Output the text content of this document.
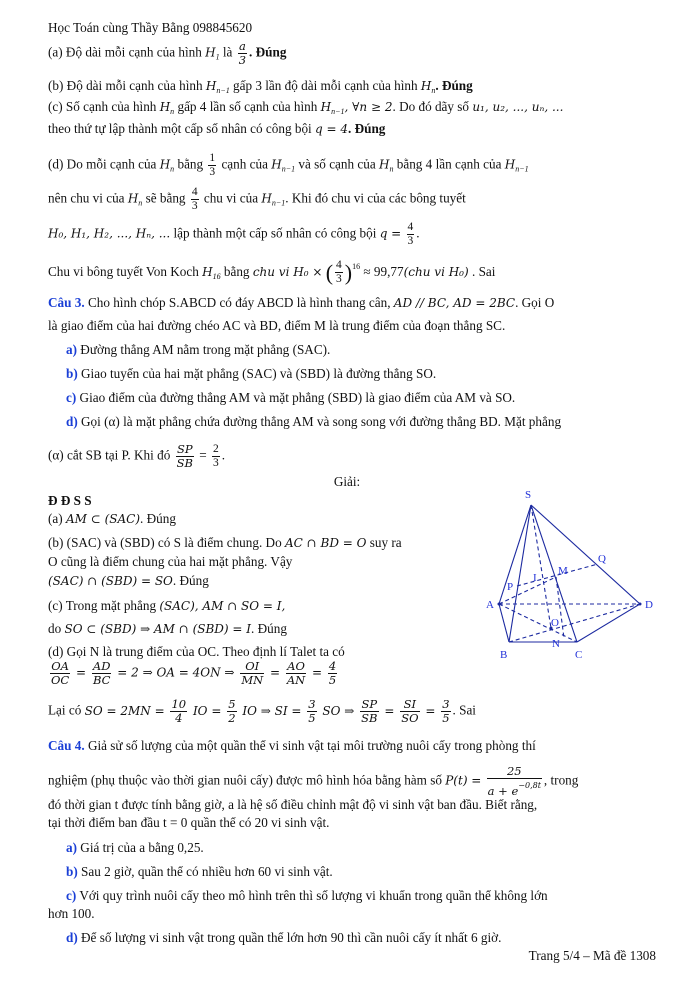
Học Toán cùng Thầy Bằng 098845620
(a) Độ dài mỗi cạnh của hình $H_1$ là $\frac{a}{3}$ . Đúng
(b) Độ dài mỗi cạnh của hình $H_{n-1}$ gấp 3 lần độ dài mỗi cạnh của hình $H_n$. Đúng
(c) Số cạnh của hình $H_n$ gấp 4 lần số cạnh của hình $H_{n-1}$, ∀n ≥ 2. Do đó dãy số u₁, u₂, ..., uₙ, ...
theo thứ tự lập thành một cấp số nhân có công bội q = 4. Đúng
(d) Do mỗi cạnh của $H_n$ bằng $\frac{1}{3}$ cạnh của $H_{n-1}$ và số cạnh của $H_n$ bằng 4 lần cạnh của $H_{n-1}$
nên chu vi của $H_n$ sẽ bằng $\frac{4}{3}$ chu vi của $H_{n-1}$. Khi đó chu vi của các bông tuyết
H₀, H₁, H₂, ..., Hₙ, ... lập thành một cấp số nhân có công bội $q = \frac{4}{3}$ .
Chu vi bông tuyết Von Koch $H_{16}$ bằng chu vi H₀ × ( $\frac{4}{3} )^{16} \approx 99,77(chu$ vi H₀) . Sai
Câu 3. Cho hình chóp S.ABCD có đáy ABCD là hình thang cân, AD // BC, AD = 2BC. Gọi O
là giao điểm của hai đường chéo AC và BD, điểm M là trung điểm của đoạn thẳng SC.
a) Đường thẳng AM nằm trong mặt phẳng (SAC).
b) Giao tuyến của hai mặt phẳng (SAC) và (SBD) là đường thẳng SO.
c) Giao điểm của đường thẳng AM và mặt phẳng (SBD) là giao điểm của AM và SO.
d) Gọi (α) là mặt phẳng chứa đường thẳng AM và song song với đường thẳng BD. Mặt phẳng
(α) cắt SB tại P. Khi đó $\frac{SP}{SB} = \frac{2}{3}$ .
Giải:
Đ Đ S S
(a) AM ⊂ (SAC). Đúng
(b) (SAC) và (SBD) có S là điểm chung. Do AC ∩ BD = O suy ra
O cũng là điểm chung của hai mặt phẳng. Vậy
(SAC) ∩ (SBD) = SO. Đúng
(c) Trong mặt phẳng (SAC), AM ∩ SO = I,
do SO ⊂ (SBD) ⇒ AM ∩ (SBD) = I. Đúng
(d) Gọi N là trung điểm của OC. Theo định lí Talet ta có
$\frac{OA}{OC} = \frac{AD}{BC} = 2$ ⇒ OA = 4ON ⇒ $\frac{OI}{MN} = \frac{AO}{AN} = \frac{4}{5}$
Lại có SO = $2MN = \frac{10}{4}$ IO = $\frac{5}{2}$ IO ⇒ SI = $\frac{3}{5}$ SO ⇒ $\frac{SP}{SB} = \frac{SI}{SO} = \frac{3}{5}$ . Sai
S
A
B	C
D
M
N
O
P
Q
I
Câu 4. Giả sử số lượng của một quần thể vi sinh vật tại môi trường nuôi cấy trong phòng thí
nghiệm (phụ thuộc vào thời gian nuôi cấy) được mô hình hóa bằng hàm số $P(t) = \frac{25}{a + e^{-0,8t}}$ , trong
đó thời gian t được tính bằng giờ, a là hệ số điều chỉnh mật độ vi sinh vật ban đầu. Biết rằng,
tại thời điểm ban đầu t = 0 quần thể có 20 vi sinh vật.
a) Giá trị của a bằng 0,25.
b) Sau 2 giờ, quần thể có nhiều hơn 60 vi sinh vật.
c) Với quy trình nuôi cấy theo mô hình trên thì số lượng vi khuẩn trong quần thể không lớn
hơn 100.
d) Để số lượng vi sinh vật trong quần thể lớn hơn 90 thì cần nuôi cấy ít nhất 6 giờ.
Trang 5/4 – Mã đề 1308
